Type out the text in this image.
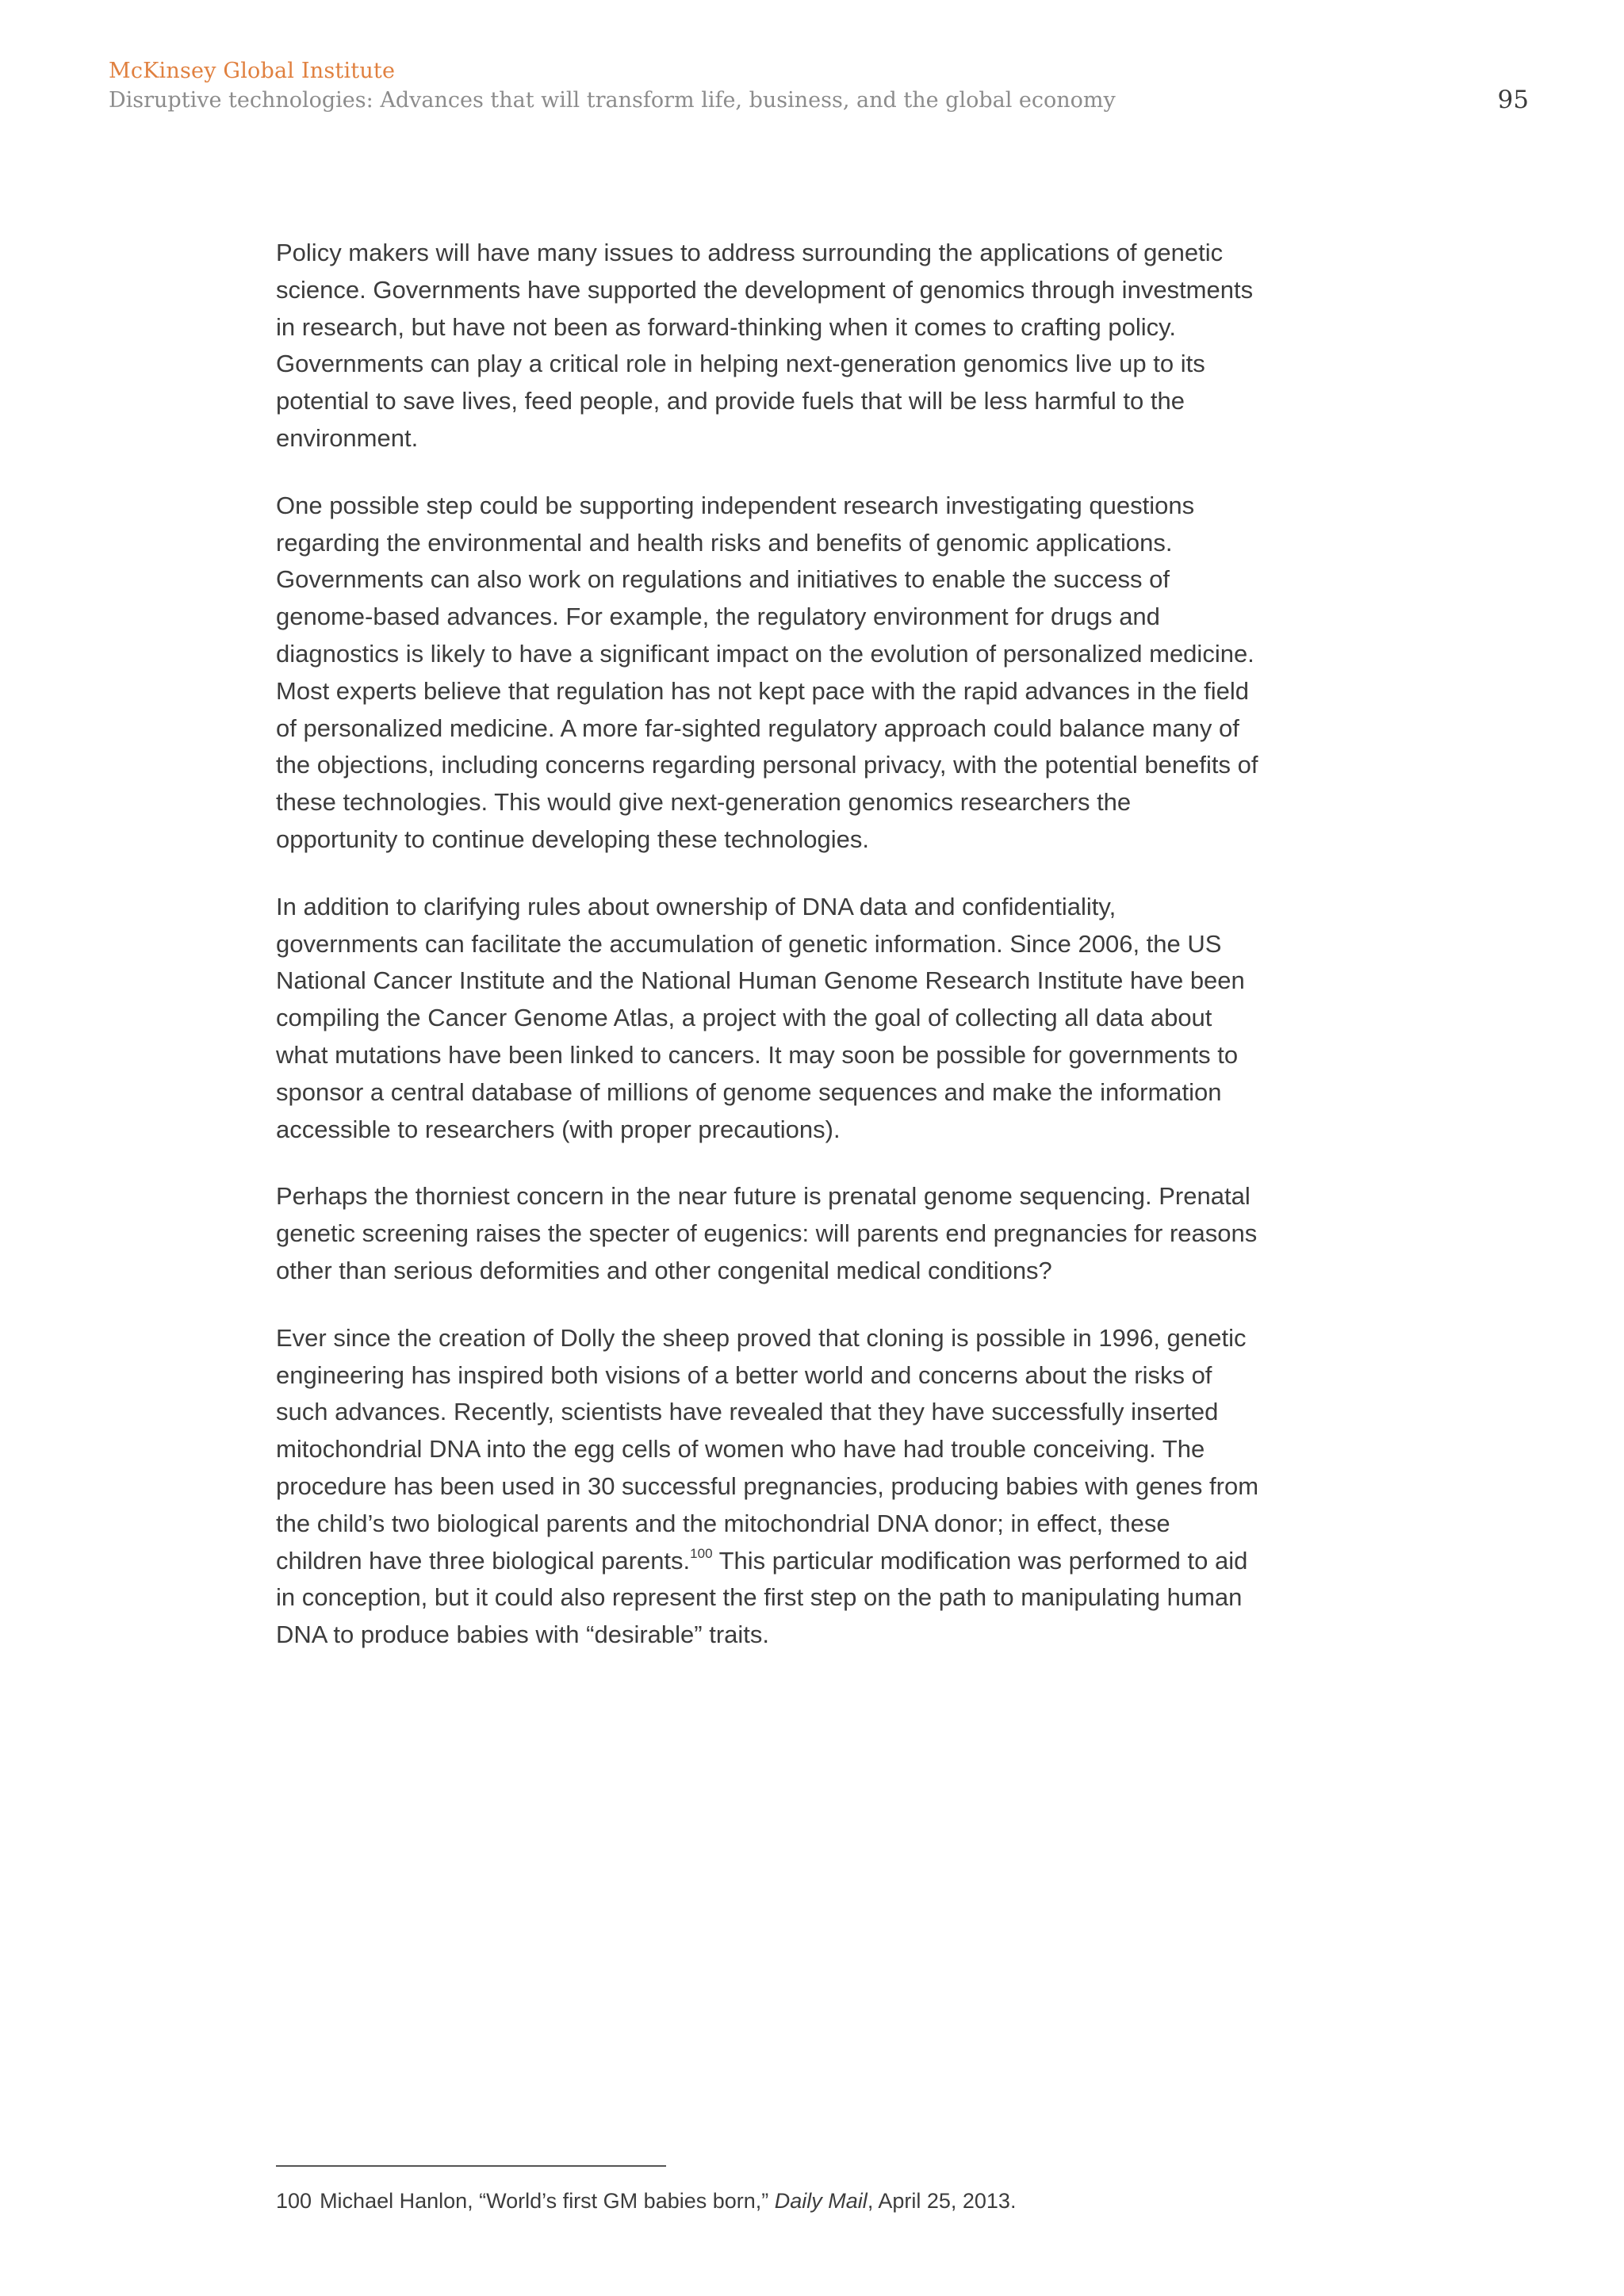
McKinsey Global Institute
Disruptive technologies: Advances that will transform life, business, and the global economy	95

Policy makers will have many issues to address surrounding the applications of genetic science. Governments have supported the development of genomics through investments in research, but have not been as forward-thinking when it comes to crafting policy. Governments can play a critical role in helping next-generation genomics live up to its potential to save lives, feed people, and provide fuels that will be less harmful to the environment.

One possible step could be supporting independent research investigating questions regarding the environmental and health risks and benefits of genomic applications. Governments can also work on regulations and initiatives to enable the success of genome-based advances. For example, the regulatory environment for drugs and diagnostics is likely to have a significant impact on the evolution of personalized medicine. Most experts believe that regulation has not kept pace with the rapid advances in the field of personalized medicine. A more far-sighted regulatory approach could balance many of the objections, including concerns regarding personal privacy, with the potential benefits of these technologies. This would give next-generation genomics researchers the opportunity to continue developing these technologies.

In addition to clarifying rules about ownership of DNA data and confidentiality, governments can facilitate the accumulation of genetic information. Since 2006, the US National Cancer Institute and the National Human Genome Research Institute have been compiling the Cancer Genome Atlas, a project with the goal of collecting all data about what mutations have been linked to cancers. It may soon be possible for governments to sponsor a central database of millions of genome sequences and make the information accessible to researchers (with proper precautions).

Perhaps the thorniest concern in the near future is prenatal genome sequencing. Prenatal genetic screening raises the specter of eugenics: will parents end pregnancies for reasons other than serious deformities and other congenital medical conditions?

Ever since the creation of Dolly the sheep proved that cloning is possible in 1996, genetic engineering has inspired both visions of a better world and concerns about the risks of such advances. Recently, scientists have revealed that they have successfully inserted mitochondrial DNA into the egg cells of women who have had trouble conceiving. The procedure has been used in 30 successful pregnancies, producing babies with genes from the child’s two biological parents and the mitochondrial DNA donor; in effect, these children have three biological parents.$^{100}$ This particular modification was performed to aid in conception, but it could also represent the first step on the path to manipulating human DNA to produce babies with “desirable” traits.

100 Michael Hanlon, “World’s first GM babies born,” Daily Mail, April 25, 2013.
